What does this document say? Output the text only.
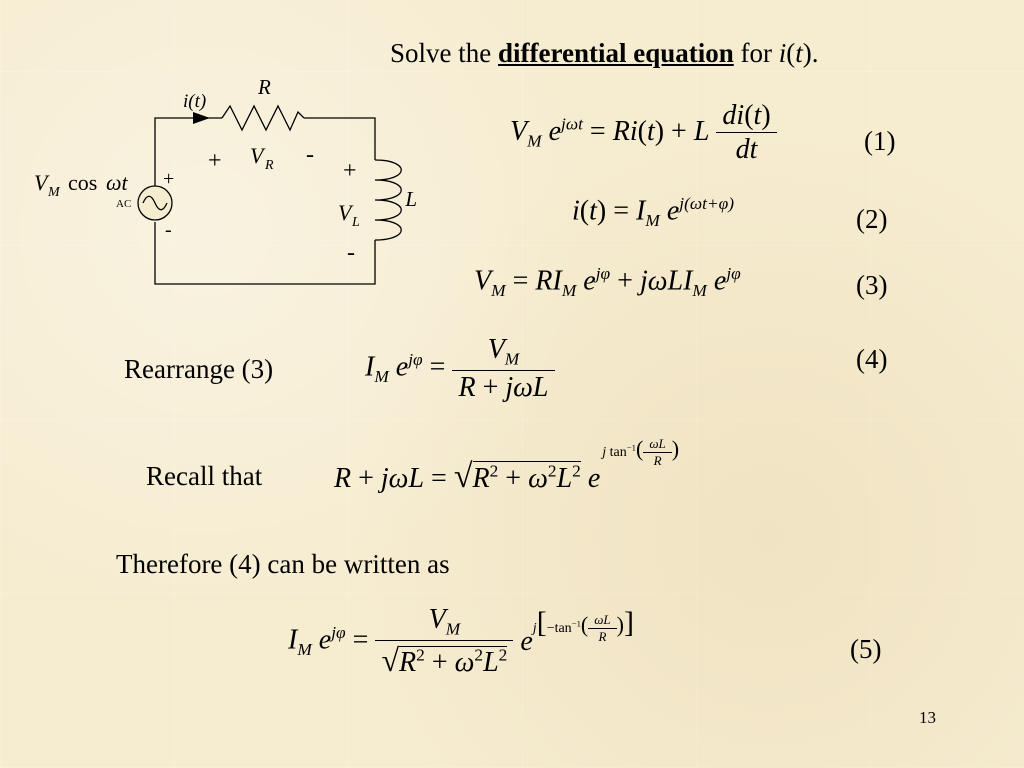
Solve the differential equation for i(t).
i(t)
R
+ V R -
+
V L
-
L
V M cos ωt
AC
+
-
$V_M$ $e^{j\omega t} = Ri(t) + L \frac{di(t)}{dt}$	(1)
$i(t) = I_M$ $e^{j(\omega t+\varphi)}$
(2)
$V_M = RI_M$ $e^{j\varphi} + j\omega LI_M$ $e^{j\varphi}$	(3)
Rearrange (3)	$I_M$ $e^{j\varphi} = \frac{V_M}{\text{R + jωL}}$	(4)
Recall that	$R + j\omega L = √R^2 + \omega^2L^2$ ej $\tan^{-1}( \frac{\omega L}{R}$ )
Therefore (4) can be written as
$I_M$ $e^{j\varphi} = \frac{V_M}{√R^2 + \omega^2L^2} ej[-\tan^{-1}( \frac{\omega L}{R}$ )]
(5)
13
